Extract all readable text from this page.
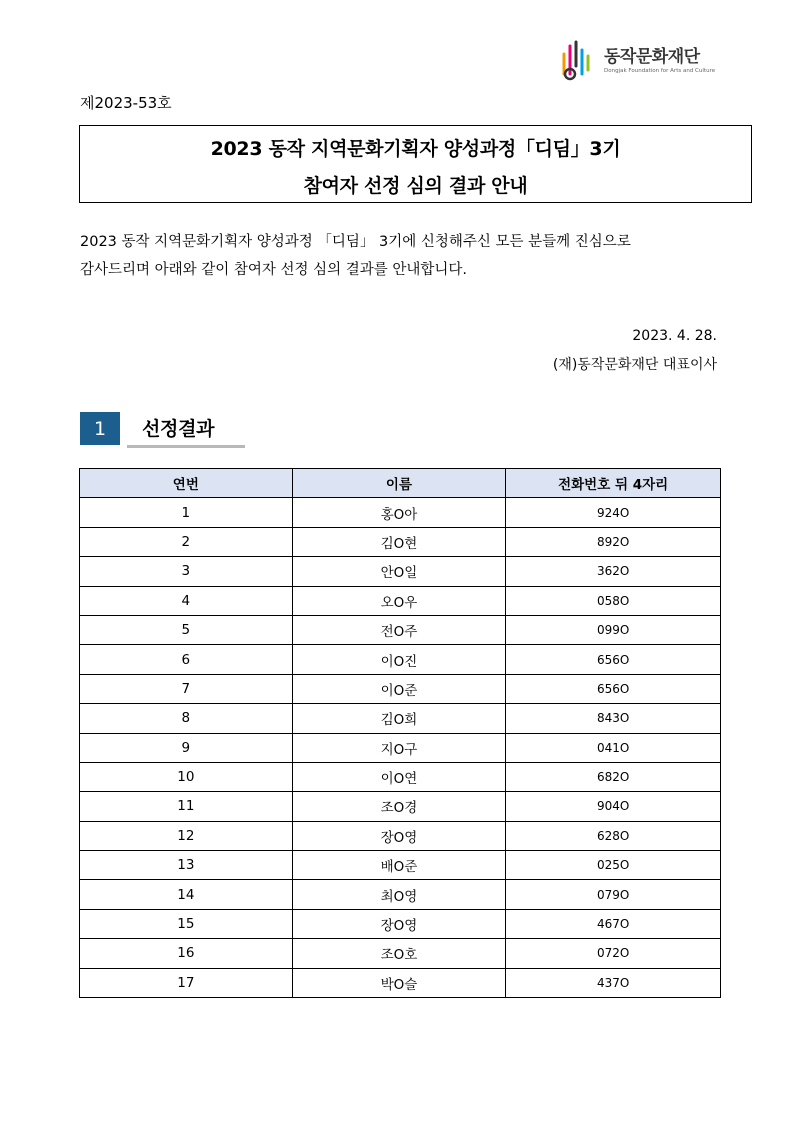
동작문화재단
Dongjak Foundation for Arts and Culture
제2023-53호
2023 동작 지역문화기획자 양성과정「디딤」3기
참여자 선정 심의 결과 안내

2023 동작 지역문화기획자 양성과정 「디딤」 3기에 신청해주신 모든 분들께 진심으로

감사드리며 아래와 같이 참여자 선정 심의 결과를 안내합니다.

2023. 4. 28.
(재)동작문화재단 대표이사
1	선정결과
연번	이름	전화번호 뒤 4자리
1	홍O아	924O
2	김O현	892O
3	안O일	362O
4	오O우	058O
5	전O주	099O
6	이O진	656O
7	이O준	656O
8	김O희	843O
9	지O구	041O
10	이O연	682O
11	조O경	904O
12	장O영	628O
13	배O준	025O
14	최O영	079O
15	장O영	467O
16	조O호	072O
17	박O슬	437O
